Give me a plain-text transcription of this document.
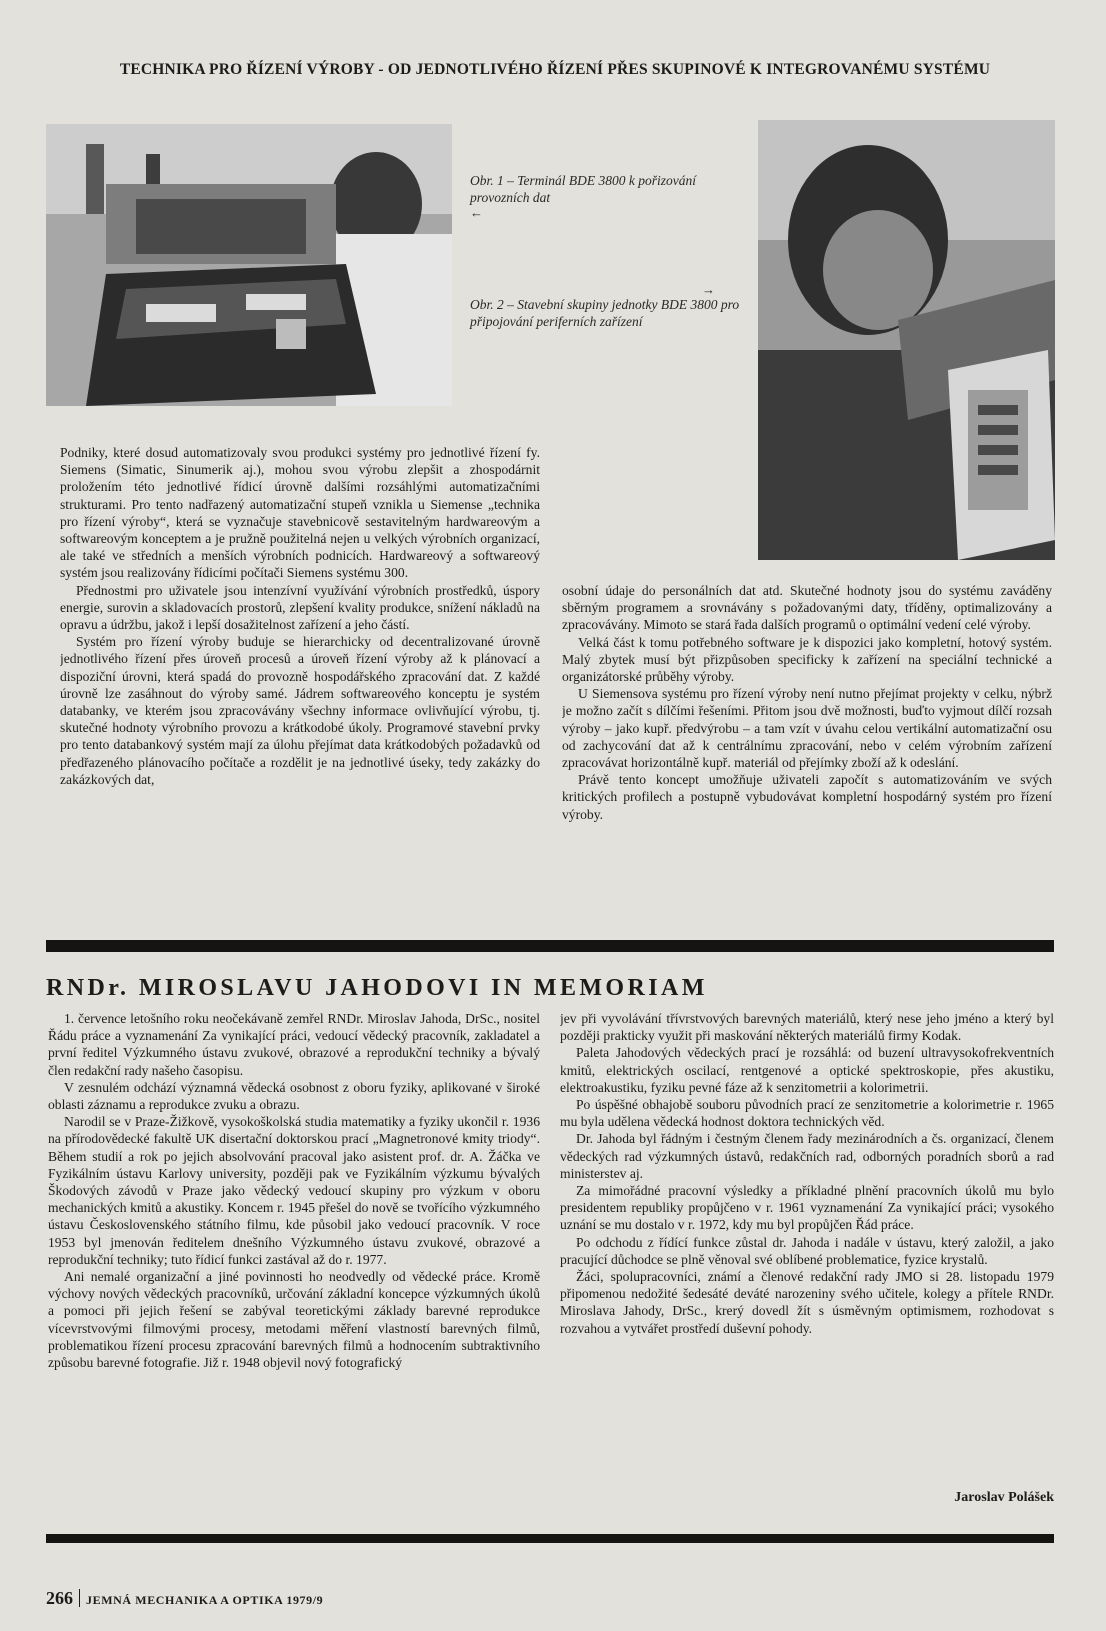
TECHNIKA PRO ŘÍZENÍ VÝROBY - OD JEDNOTLIVÉHO ŘÍZENÍ PŘES SKUPINOVÉ K INTEGROVANÉMU SYSTÉMU
Obr. 1 – Terminál BDE 3800 k pořizování provozních dat
←
→
Obr. 2 – Stavební skupiny jednotky BDE 3800 pro připojování periferních zařízení

Podniky, které dosud automatizovaly svou produkci systémy pro jednotlivé řízení fy. Siemens (Simatic, Sinumerik aj.), mohou svou výrobu zlepšit a zhospodárnit proložením této jednotlivé řídicí úrovně dalšími rozsáhlými automatizačními strukturami. Pro tento nadřazený automatizační stupeň vznikla u Siemense „technika pro řízení výroby“, která se vyznačuje stavebnicově sestavitelným hardwareovým a softwareovým konceptem a je pružně použitelná nejen u velkých výrobních organizací, ale také ve středních a menších výrobních podnicích. Hardwareový a softwareový systém jsou realizovány řídicími počítači Siemens systému 300.

Přednostmi pro uživatele jsou intenzívní využívání výrobních prostředků, úspory energie, surovin a skladovacích prostorů, zlepšení kvality produkce, snížení nákladů na opravu a údržbu, jakož i lepší dosažitelnost zařízení a jeho částí.

Systém pro řízení výroby buduje se hierarchicky od decentralizované úrovně jednotlivého řízení přes úroveň procesů a úroveň řízení výroby až k plánovací a dispoziční úrovni, která spadá do provozně hospodářského zpracování dat. Z každé úrovně lze zasáhnout do výroby samé. Jádrem softwareového konceptu je systém databanky, ve kterém jsou zpracovávány všechny informace ovlivňující výrobu, tj. skutečné hodnoty výrobního provozu a krátkodobé úkoly. Programové stavební prvky pro tento databankový systém mají za úlohu přejímat data krátkodobých požadavků od předřazeného plánovacího počítače a rozdělit je na jednotlivé úseky, tedy zakázky do zakázkových dat,

osobní údaje do personálních dat atd. Skutečné hodnoty jsou do systému zaváděny sběrným programem a srovnávány s požadovanými daty, tříděny, optimalizovány a zpracovávány. Mimoto se stará řada dalších programů o optimální vedení celé výroby.

Velká část k tomu potřebného software je k dispozici jako kompletní, hotový systém. Malý zbytek musí být přizpůsoben specificky k zařízení na speciální technické a organizátorské průběhy výroby.

U Siemensova systému pro řízení výroby není nutno přejímat projekty v celku, nýbrž je možno začít s dílčími řešeními. Přitom jsou dvě možnosti, buďto vyjmout dílčí rozsah výroby – jako kupř. předvýrobu – a tam vzít v úvahu celou vertikální automatizační osu od zachycování dat až k centrálnímu zpracování, nebo v celém výrobním zařízení zpracovávat horizontálně kupř. materiál od přejímky zboží až k odeslání.

Právě tento koncept umožňuje uživateli započít s automatizováním ve svých kritických profilech a postupně vybudovávat kompletní hospodárný systém pro řízení výroby.

RNDr. MIROSLAVU JAHODOVI IN MEMORIAM

1. července letošního roku neočekávaně zemřel RNDr. Miroslav Jahoda, DrSc., nositel Řádu práce a vyznamenání Za vynikající práci, vedoucí vědecký pracovník, zakladatel a první ředitel Výzkumného ústavu zvukové, obrazové a reprodukční techniky a bývalý člen redakční rady našeho časopisu.

V zesnulém odchází významná vědecká osobnost z oboru fyziky, aplikované v široké oblasti záznamu a reprodukce zvuku a obrazu.

Narodil se v Praze-Žižkově, vysokoškolská studia matematiky a fyziky ukončil r. 1936 na přírodovědecké fakultě UK disertační doktorskou prací „Magnetronové kmity triody“. Během studií a rok po jejich absolvování pracoval jako asistent prof. dr. A. Žáčka ve Fyzikálním ústavu Karlovy university, později pak ve Fyzikálním výzkumu bývalých Škodových závodů v Praze jako vědecký vedoucí skupiny pro výzkum v oboru mechanických kmitů a akustiky. Koncem r. 1945 přešel do nově se tvořícího výzkumného ústavu Československého státního filmu, kde působil jako vedoucí pracovník. V roce 1953 byl jmenován ředitelem dnešního Výzkumného ústavu zvukové, obrazové a reprodukční techniky; tuto řídicí funkci zastával až do r. 1977.

Ani nemalé organizační a jiné povinnosti ho neodvedly od vědecké práce. Kromě výchovy nových vědeckých pracovníků, určování základní koncepce výzkumných úkolů a pomoci při jejich řešení se zabýval teoretickými základy barevné reprodukce vícevrstvovými filmovými procesy, metodami měření vlastností barevných filmů, problematikou řízení procesu zpracování barevných filmů a hodnocením subtraktivního způsobu barevné fotografie. Již r. 1948 objevil nový fotografický

jev při vyvolávání třívrstvových barevných materiálů, který nese jeho jméno a který byl později prakticky využit při maskování některých materiálů firmy Kodak.

Paleta Jahodových vědeckých prací je rozsáhlá: od buzení ultravysokofrekventních kmitů, elektrických oscilací, rentgenové a optické spektroskopie, přes akustiku, elektroakustiku, fyziku pevné fáze až k senzitometrii a kolorimetrii.

Po úspěšné obhajobě souboru původních prací ze senzitometrie a kolorimetrie r. 1965 mu byla udělena vědecká hodnost doktora technických věd.

Dr. Jahoda byl řádným i čestným členem řady mezinárodních a čs. organizací, členem vědeckých rad výzkumných ústavů, redakčních rad, odborných poradních sborů a rad ministerstev aj.

Za mimořádné pracovní výsledky a příkladné plnění pracovních úkolů mu bylo presidentem republiky propůjčeno v r. 1961 vyznamenání Za vynikající práci; vysokého uznání se mu dostalo v r. 1972, kdy mu byl propůjčen Řád práce.

Po odchodu z řídící funkce zůstal dr. Jahoda i nadále v ústavu, který založil, a jako pracující důchodce se plně věnoval své oblíbené problematice, fyzice krystalů.

Žáci, spolupracovníci, známí a členové redakční rady JMO si 28. listopadu 1979 připomenou nedožité šedesáté deváté narozeniny svého učitele, kolegy a přítele RNDr. Miroslava Jahody, DrSc., krerý dovedl žít s úsměvným optimismem, rozhodovat s rozvahou a vytvářet prostředí duševní pohody.

Jaroslav Polášek
266 JEMNÁ MECHANIKA A OPTIKA 1979/9
